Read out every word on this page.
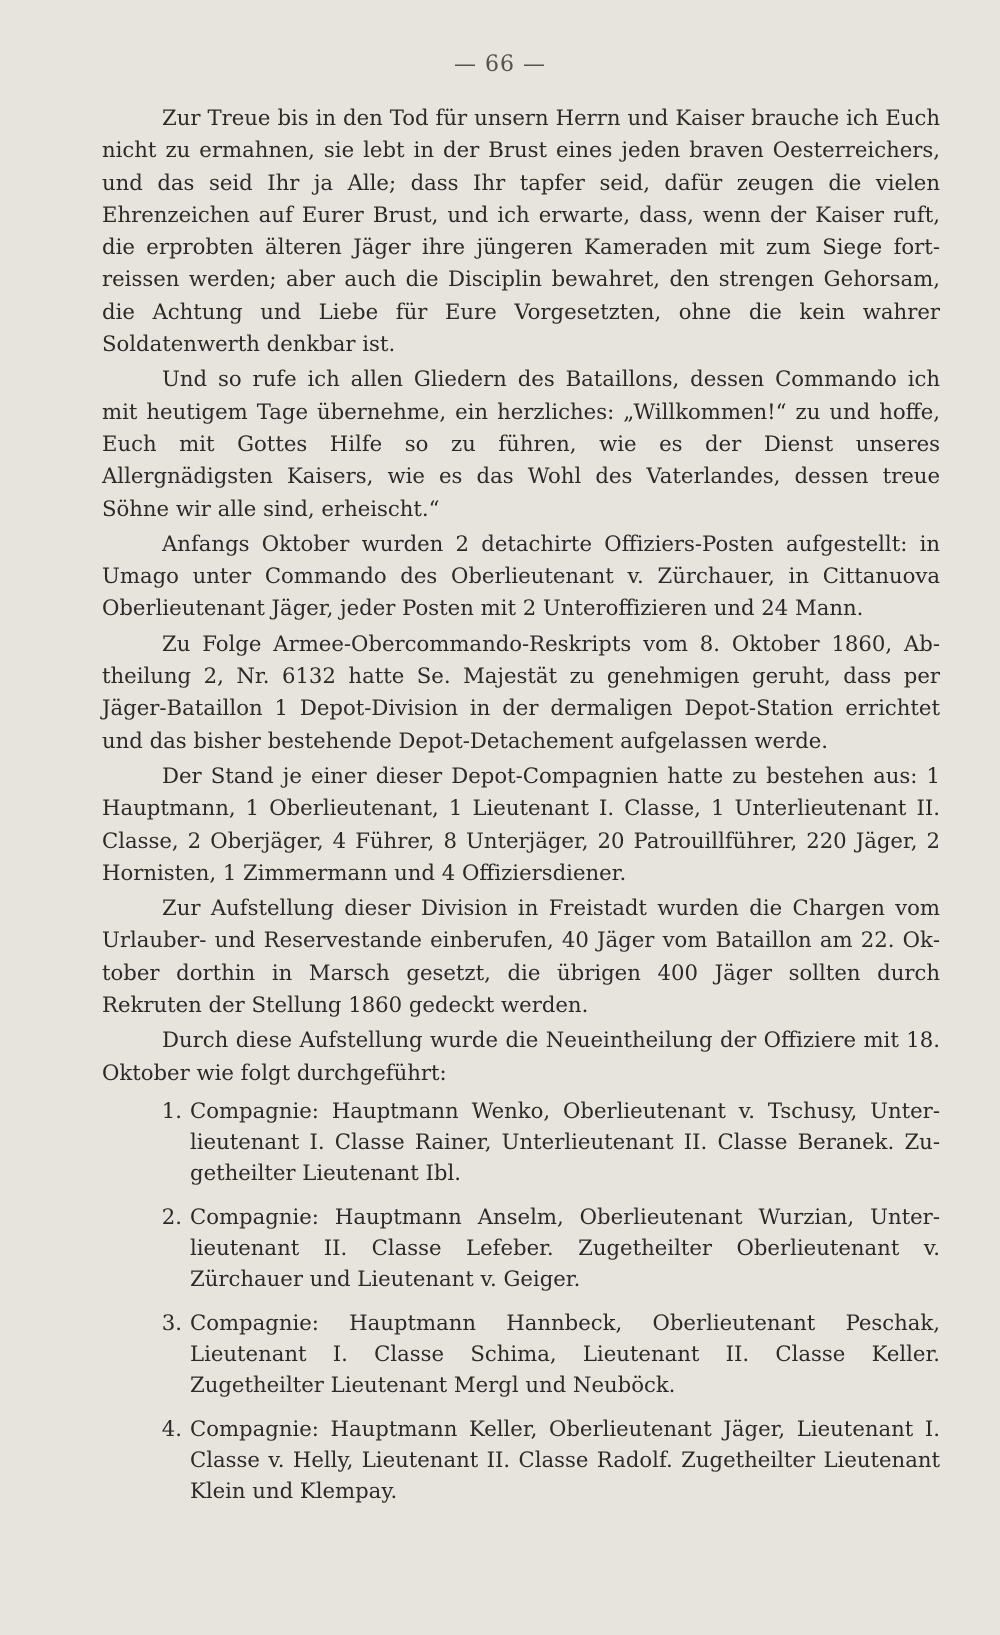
— 66 —

Zur Treue bis in den Tod für unsern Herrn und Kaiser brauche ich Euch nicht zu ermahnen, sie lebt in der Brust eines jeden braven Oesterreichers, und das seid Ihr ja Alle; dass Ihr tapfer seid, dafür zeugen die vielen Ehrenzeichen auf Eurer Brust, und ich erwarte, dass, wenn der Kaiser ruft, die erprobten älteren Jäger ihre jüngeren Kameraden mit zum Siege fortreissen werden; aber auch die Disciplin bewahret, den strengen Gehorsam, die Achtung und Liebe für Eure Vorgesetzten, ohne die kein wahrer Soldatenwerth denkbar ist.

Und so rufe ich allen Gliedern des Bataillons, dessen Commando ich mit heutigem Tage übernehme, ein herzliches: „Willkommen!“ zu und hoffe, Euch mit Gottes Hilfe so zu führen, wie es der Dienst unseres Allergnädigsten Kaisers, wie es das Wohl des Vaterlandes, dessen treue Söhne wir alle sind, erheischt.“

Anfangs Oktober wurden 2 detachirte Offiziers-Posten aufgestellt: in Umago unter Commando des Oberlieutenant v. Zürchauer, in Cittanuova Oberlieutenant Jäger, jeder Posten mit 2 Unteroffizieren und 24 Mann.

Zu Folge Armee-Obercommando-Reskripts vom 8. Oktober 1860, Abtheilung 2, Nr. 6132 hatte Se. Majestät zu genehmigen geruht, dass per Jäger-Bataillon 1 Depot-Division in der dermaligen Depot-Station errichtet und das bisher bestehende Depot-Detachement aufgelassen werde.

Der Stand je einer dieser Depot-Compagnien hatte zu bestehen aus: 1 Hauptmann, 1 Oberlieutenant, 1 Lieutenant I. Classe, 1 Unterlieutenant II. Classe, 2 Oberjäger, 4 Führer, 8 Unterjäger, 20 Patrouillführer, 220 Jäger, 2 Hornisten, 1 Zimmermann und 4 Offiziersdiener.

Zur Aufstellung dieser Division in Freistadt wurden die Chargen vom Urlauber- und Reservestande einberufen, 40 Jäger vom Bataillon am 22. Oktober dorthin in Marsch gesetzt, die übrigen 400 Jäger sollten durch Rekruten der Stellung 1860 gedeckt werden.

Durch diese Aufstellung wurde die Neueintheilung der Offiziere mit 18. Oktober wie folgt durchgeführt:

1. Compagnie: Hauptmann Wenko, Oberlieutenant v. Tschusy, Unterlieutenant I. Classe Rainer, Unterlieutenant II. Classe Beranek. Zugetheilter Lieutenant Ibl.
2. Compagnie: Hauptmann Anselm, Oberlieutenant Wurzian, Unterlieutenant II. Classe Lefeber. Zugetheilter Oberlieutenant v. Zürchauer und Lieutenant v. Geiger.
3. Compagnie: Hauptmann Hannbeck, Oberlieutenant Peschak, Lieutenant I. Classe Schima, Lieutenant II. Classe Keller. Zugetheilter Lieutenant Mergl und Neuböck.
4. Compagnie: Hauptmann Keller, Oberlieutenant Jäger, Lieutenant I. Classe v. Helly, Lieutenant II. Classe Radolf. Zugetheilter Lieutenant Klein und Klempay.
